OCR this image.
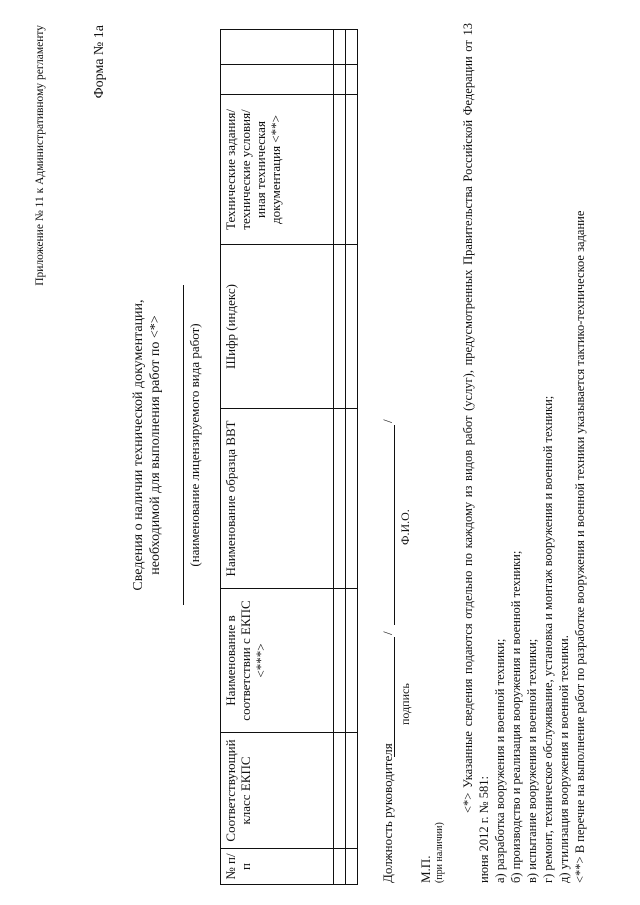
Приложение № 11 к Административному регламенту	Форма № 1а
Сведения о наличии технической документации, необходимой для выполнения работ по <*> (наименование лицензируемого вида работ)
№ п/п	Соответствующий класс ЕКПС	Наименование в соответствии с ЕКПС <***>	Наименование образца ВВТ	Шифр (индекс)	Технические задания/ технические условия/иная техническая документация <**>		

Должность руководителя
/
/
подпись
Ф.И.О.
М.П. (при наличии)

<*> Указанные сведения подаются отдельно по каждому из видов работ (услуг), предусмотренных Правительства Российской Федерации от 13 июня 2012 г. № 581: а) разработка вооружения и военной техники; б) производство и реализация вооружения и военной техники; в) испытание вооружения и военной техники; г) ремонт, техническое обслуживание, установка и монтаж вооружения и военной техники; д) утилизация вооружения и военной техники. <**> В перечне на выполнение работ по разработке вооружения и военной техники указывается тактико-техническое задание
